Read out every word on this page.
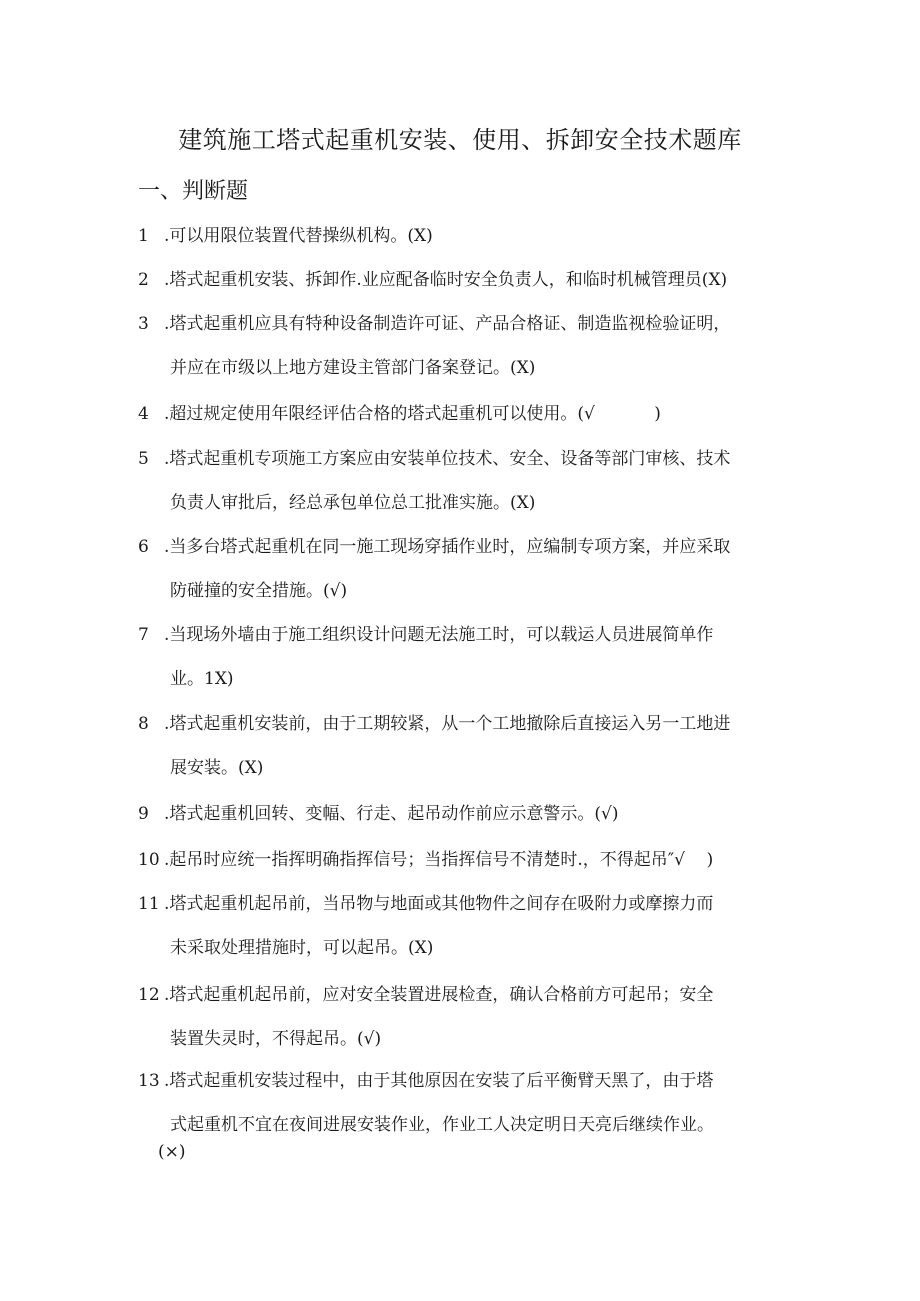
建筑施工塔式起重机安装、使用、拆卸安全技术题库
一、判断题
1 .可以用限位装置代替操纵机构。(X)
2 .塔式起重机安装、拆卸作.业应配备临时安全负责人，和临时机械管理员(X)
3 .塔式起重机应具有特种设备制造许可证、产品合格证、制造监视检验证明，
并应在市级以上地方建设主管部门备案登记。(X)
4 .超过规定使用年限经评估合格的塔式起重机可以使用。(√           )
5 .塔式起重机专项施工方案应由安装单位技术、安全、设备等部门审核、技术
负责人审批后，经总承包单位总工批准实施。(X)
6 .当多台塔式起重机在同一施工现场穿插作业时，应编制专项方案，并应采取
防碰撞的安全措施。(√)
7 .当现场外墙由于施工组织设计问题无法施工时，可以载运人员进展简单作
业。1X)
8 .塔式起重机安装前，由于工期较紧，从一个工地撤除后直接运入另一工地进
展安装。(X)
9 .塔式起重机回转、变幅、行走、起吊动作前应示意警示。(√)
10 .起吊时应统一指挥明确指挥信号；当指挥信号不清楚时.，不得起吊″√    )
11 .塔式起重机起吊前，当吊物与地面或其他物件之间存在吸附力或摩擦力而
未采取处理措施时，可以起吊。(X)
12 .塔式起重机起吊前，应对安全装置进展检查，确认合格前方可起吊；安全
装置失灵时，不得起吊。(√)
13 .塔式起重机安装过程中，由于其他原因在安装了后平衡臂天黑了，由于塔
式起重机不宜在夜间进展安装作业，作业工人决定明日天亮后继续作业。
(×)
